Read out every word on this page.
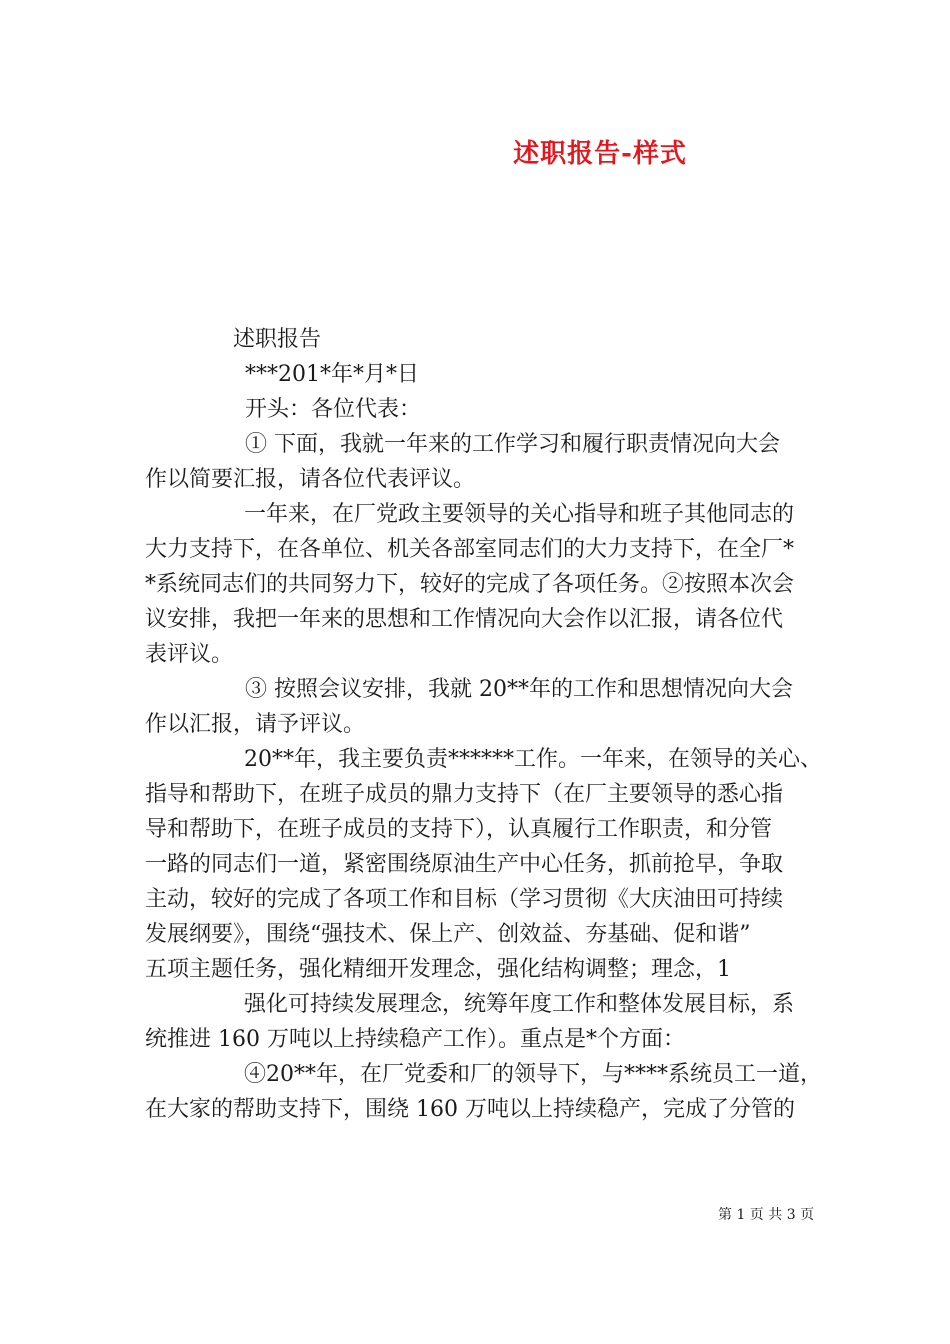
述职报告-样式
述职报告
***201*年*月*日
开头：各位代表：
① 下面，我就一年来的工作学习和履行职责情况向大会
作以简要汇报，请各位代表评议。
一年来，在厂党政主要领导的关心指导和班子其他同志的
大力支持下，在各单位、机关各部室同志们的大力支持下，在全厂*
*系统同志们的共同努力下，较好的完成了各项任务。②按照本次会
议安排，我把一年来的思想和工作情况向大会作以汇报，请各位代
表评议。
③ 按照会议安排，我就 20**年的工作和思想情况向大会
作以汇报，请予评议。
20**年，我主要负责******工作。一年来，在领导的关心、
指导和帮助下，在班子成员的鼎力支持下（在厂主要领导的悉心指
导和帮助下，在班子成员的支持下），认真履行工作职责，和分管
一路的同志们一道，紧密围绕原油生产中心任务，抓前抢早，争取
主动，较好的完成了各项工作和目标（学习贯彻《大庆油田可持续
发展纲要》，围绕“强技术、保上产、创效益、夯基础、促和谐”
五项主题任务，强化精细开发理念，强化结构调整；理念，1
强化可持续发展理念，统筹年度工作和整体发展目标，系
统推进 160 万吨以上持续稳产工作）。重点是*个方面：
④20**年，在厂党委和厂的领导下，与****系统员工一道，
在大家的帮助支持下，围绕 160 万吨以上持续稳产，完成了分管的
第 1 页 共 3 页
